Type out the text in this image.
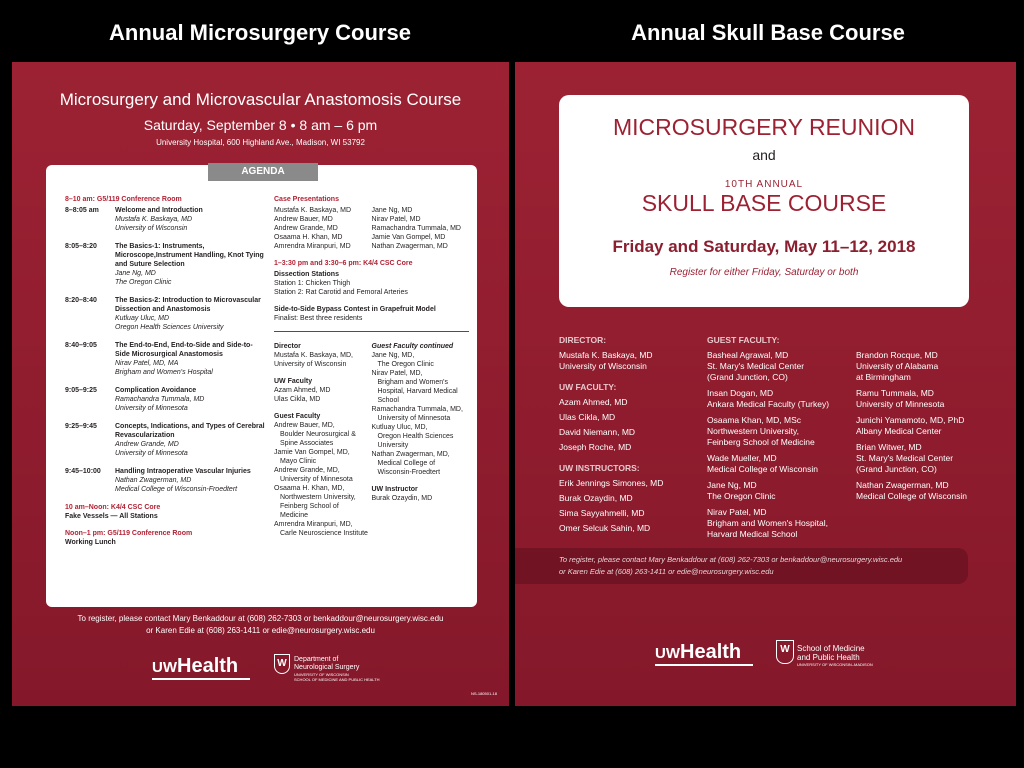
Annual Microsurgery Course	Annual Skull Base Course
Microsurgery and Microvascular Anastomosis Course
Saturday, September 8 • 8 am – 6 pm
University Hospital, 600 Highland Ave., Madison, WI 53792
AGENDA
8–10 am: G5/119 Conference Room
8–8:05 am	Welcome and Introduction
Mustafa K. Baskaya, MD
University of Wisconsin
8:05–8:20	The Basics-1: Instruments, Microscope,Instrument Handling, Knot Tying and Suture Selection
Jane Ng, MD
The Oregon Clinic
8:20–8:40	The Basics-2: Introduction to Microvascular Dissection and Anastomosis
Kutluay Uluc, MD
Oregon Health Sciences University
8:40–9:05	The End-to-End, End-to-Side and Side-to-Side Microsurgical Anastomosis
Nirav Patel, MD, MA
Brigham and Women's Hospital
9:05–9:25	Complication Avoidance
Ramachandra Tummala, MD
University of Minnesota
9:25–9:45	Concepts, Indications, and Types of Cerebral Revascularization
Andrew Grande, MD
University of Minnesota
9:45–10:00	Handling Intraoperative Vascular Injuries
Nathan Zwagerman, MD
Medical College of Wisconsin-Froedtert
10 am–Noon: K4/4 CSC Core
Fake Vessels — All Stations
Noon–1 pm: G5/119 Conference Room
Working Lunch
Case Presentations
Mustafa K. Baskaya, MD
Andrew Bauer, MD
Andrew Grande, MD
Osaama H. Khan, MD
Amrendra Miranpuri, MD
Jane Ng, MD
Nirav Patel, MD
Ramachandra Tummala, MD
Jamie Van Gompel, MD
Nathan Zwagerman, MD
1–3:30 pm and 3:30–6 pm: K4/4 CSC Core
Dissection Stations
Station 1: Chicken Thigh
Station 2: Rat Carotid and Femoral Arteries
Side-to-Side Bypass Contest in Grapefruit Model
Finalist: Best three residents
Director
Mustafa K. Baskaya, MD,
University of Wisconsin
UW Faculty
Azam Ahmed, MD
Ulas Cikla, MD
Guest Faculty
Andrew Bauer, MD,
Boulder Neurosurgical &
Spine Associates
Jamie Van Gompel, MD,
Mayo Clinic
Andrew Grande, MD,
University of Minnesota
Osaama H. Khan, MD,
Northwestern University,
Feinberg School of
Medicine
Amrendra Miranpuri, MD,
Carle Neuroscience Institute
Guest Faculty continued
Jane Ng, MD,
The Oregon Clinic
Nirav Patel, MD,
Brigham and Women's
Hospital, Harvard Medical
School
Ramachandra Tummala, MD,
University of Minnesota
Kutluay Uluc, MD,
Oregon Health Sciences
University
Nathan Zwagerman, MD,
Medical College of
Wisconsin-Froedtert
UW Instructor
Burak Ozaydin, MD
To register, please contact Mary Benkaddour at (608) 262-7303 or benkaddour@neurosurgery.wisc.edu
or Karen Edie at (608) 263-1411 or edie@neurosurgery.wisc.edu
UWHealth	W	Department of
Neurological Surgery
UNIVERSITY OF WISCONSIN
SCHOOL OF MEDICINE AND PUBLIC HEALTH
NS-180501-18
MICROSURGERY REUNION
and
10TH ANNUAL
SKULL BASE COURSE
Friday and Saturday, May 11–12, 2018
Register for either Friday, Saturday or both
DIRECTOR:
Mustafa K. Baskaya, MD
University of Wisconsin
UW FACULTY:
Azam Ahmed, MD
Ulas Cikla, MD
David Niemann, MD
Joseph Roche, MD
UW INSTRUCTORS:
Erik Jennings Simones, MD
Burak Ozaydin, MD
Sima Sayyahmelli, MD
Omer Selcuk Sahin, MD
GUEST FACULTY:
Basheal Agrawal, MD
St. Mary's Medical Center
(Grand Junction, CO)
Insan Dogan, MD
Ankara Medical Faculty (Turkey)
Osaama Khan, MD, MSc
Northwestern University,
Feinberg School of Medicine
Wade Mueller, MD
Medical College of Wisconsin
Jane Ng, MD
The Oregon Clinic
Nirav Patel, MD
Brigham and Women's Hospital,
Harvard Medical School
Brandon Rocque, MD
University of Alabama
at Birmingham
Ramu Tummala, MD
University of Minnesota
Junichi Yamamoto, MD, PhD
Albany Medical Center
Brian Witwer, MD
St. Mary's Medical Center
(Grand Junction, CO)
Nathan Zwagerman, MD
Medical College of Wisconsin
To register, please contact Mary Benkaddour at (608) 262-7303 or benkaddour@neurosurgery.wisc.edu
or Karen Edie at (608) 263-1411 or edie@neurosurgery.wisc.edu
UWHealth	W School of Medicine
and Public Health
UNIVERSITY OF WISCONSIN–MADISON
